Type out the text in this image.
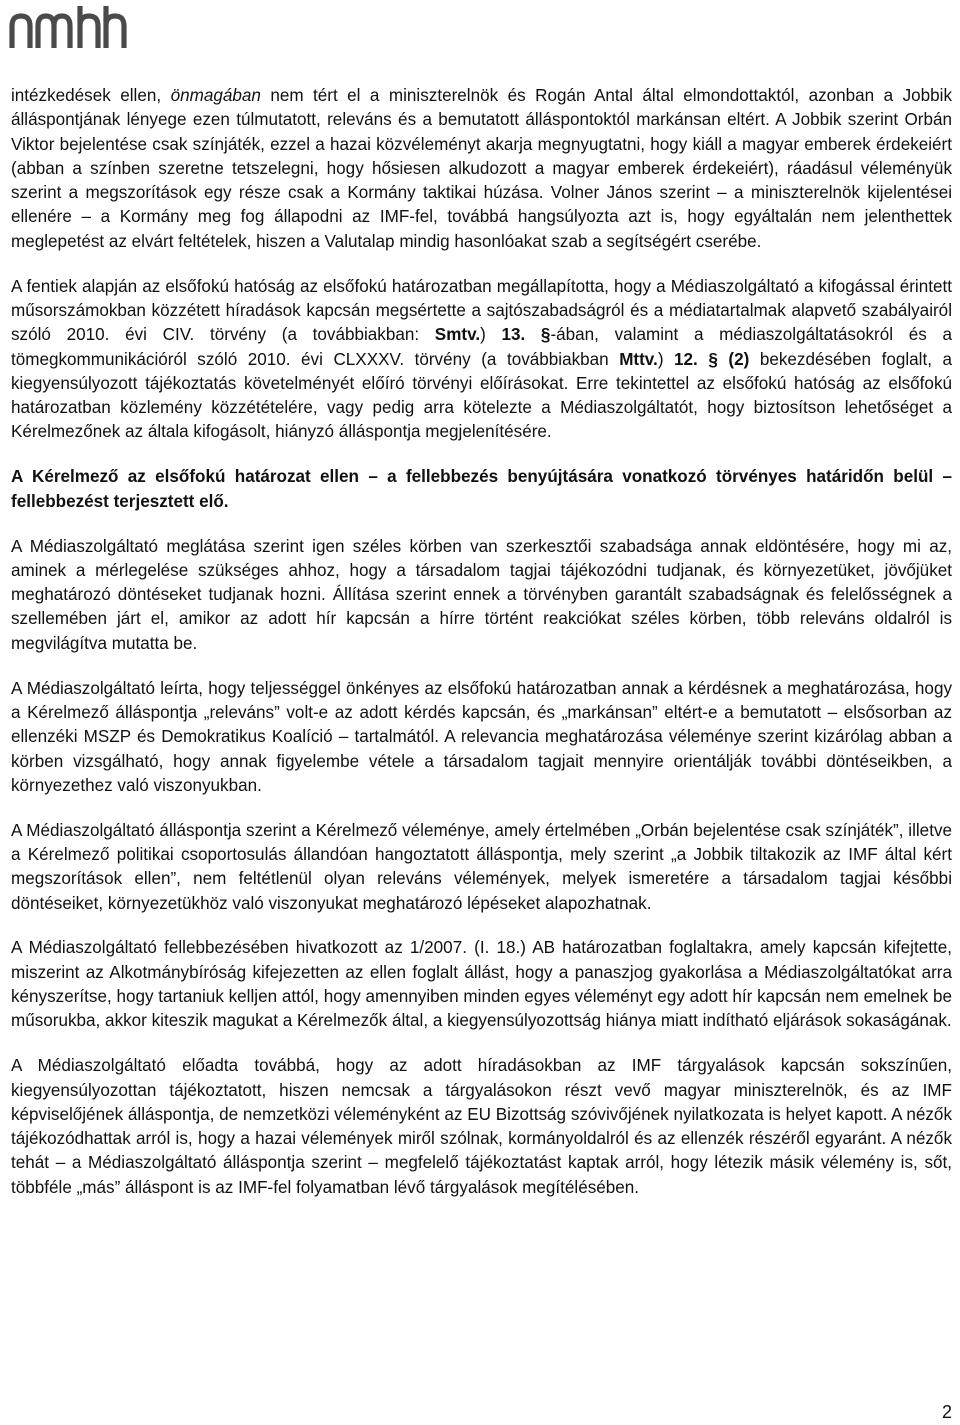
intézkedések ellen, önmagában nem tért el a miniszterelnök és Rogán Antal által elmondottaktól, azonban a Jobbik álláspontjának lényege ezen túlmutatott, releváns és a bemutatott álláspontoktól markánsan eltért. A Jobbik szerint Orbán Viktor bejelentése csak színjáték, ezzel a hazai közvéleményt akarja megnyugtatni, hogy kiáll a magyar emberek érdekeiért (abban a színben szeretne tetszelegni, hogy hősiesen alkudozott a magyar emberek érdekeiért), ráadásul véleményük szerint a megszorítások egy része csak a Kormány taktikai húzása. Volner János szerint – a miniszterelnök kijelentései ellenére – a Kormány meg fog állapodni az IMF-fel, továbbá hangsúlyozta azt is, hogy egyáltalán nem jelenthettek meglepetést az elvárt feltételek, hiszen a Valutalap mindig hasonlóakat szab a segítségért cserébe.

A fentiek alapján az elsőfokú hatóság az elsőfokú határozatban megállapította, hogy a Médiaszolgáltató a kifogással érintett műsorszámokban közzétett híradások kapcsán megsértette a sajtószabadságról és a médiatartalmak alapvető szabályairól szóló 2010. évi CIV. törvény (a továbbiakban: Smtv.) 13. §-ában, valamint a médiaszolgáltatásokról és a tömegkommunikációról szóló 2010. évi CLXXXV. törvény (a továbbiakban Mttv.) 12. § (2) bekezdésében foglalt, a kiegyensúlyozott tájékoztatás követelményét előíró törvényi előírásokat. Erre tekintettel az elsőfokú hatóság az elsőfokú határozatban közlemény közzétételére, vagy pedig arra kötelezte a Médiaszolgáltatót, hogy biztosítson lehetőséget a Kérelmezőnek az általa kifogásolt, hiányzó álláspontja megjelenítésére.

A Kérelmező az elsőfokú határozat ellen – a fellebbezés benyújtására vonatkozó törvényes határidőn belül – fellebbezést terjesztett elő.

A Médiaszolgáltató meglátása szerint igen széles körben van szerkesztői szabadsága annak eldöntésére, hogy mi az, aminek a mérlegelése szükséges ahhoz, hogy a társadalom tagjai tájékozódni tudjanak, és környezetüket, jövőjüket meghatározó döntéseket tudjanak hozni. Állítása szerint ennek a törvényben garantált szabadságnak és felelősségnek a szellemében járt el, amikor az adott hír kapcsán a hírre történt reakciókat széles körben, több releváns oldalról is megvilágítva mutatta be.

A Médiaszolgáltató leírta, hogy teljességgel önkényes az elsőfokú határozatban annak a kérdésnek a meghatározása, hogy a Kérelmező álláspontja „releváns” volt-e az adott kérdés kapcsán, és „markánsan” eltért-e a bemutatott – elsősorban az ellenzéki MSZP és Demokratikus Koalíció – tartalmától. A relevancia meghatározása véleménye szerint kizárólag abban a körben vizsgálható, hogy annak figyelembe vétele a társadalom tagjait mennyire orientálják további döntéseikben, a környezethez való viszonyukban.

A Médiaszolgáltató álláspontja szerint a Kérelmező véleménye, amely értelmében „Orbán bejelentése csak színjáték”, illetve a Kérelmező politikai csoportosulás állandóan hangoztatott álláspontja, mely szerint „a Jobbik tiltakozik az IMF által kért megszorítások ellen”, nem feltétlenül olyan releváns vélemények, melyek ismeretére a társadalom tagjai későbbi döntéseiket, környezetükhöz való viszonyukat meghatározó lépéseket alapozhatnak.

A Médiaszolgáltató fellebbezésében hivatkozott az 1/2007. (I. 18.) AB határozatban foglaltakra, amely kapcsán kifejtette, miszerint az Alkotmánybíróság kifejezetten az ellen foglalt állást, hogy a panaszjog gyakorlása a Médiaszolgáltatókat arra kényszerítse, hogy tartaniuk kelljen attól, hogy amennyiben minden egyes véleményt egy adott hír kapcsán nem emelnek be műsorukba, akkor kiteszik magukat a Kérelmezők által, a kiegyensúlyozottság hiánya miatt indítható eljárások sokaságának.

A Médiaszolgáltató előadta továbbá, hogy az adott híradásokban az IMF tárgyalások kapcsán sokszínűen, kiegyensúlyozottan tájékoztatott, hiszen nemcsak a tárgyalásokon részt vevő magyar miniszterelnök, és az IMF képviselőjének álláspontja, de nemzetközi véleményként az EU Bizottság szóvivőjének nyilatkozata is helyet kapott. A nézők tájékozódhattak arról is, hogy a hazai vélemények miről szólnak, kormányoldalról és az ellenzék részéről egyaránt. A nézők tehát – a Médiaszolgáltató álláspontja szerint – megfelelő tájékoztatást kaptak arról, hogy létezik másik vélemény is, sőt, többféle „más” álláspont is az IMF-fel folyamatban lévő tárgyalások megítélésében.

2
